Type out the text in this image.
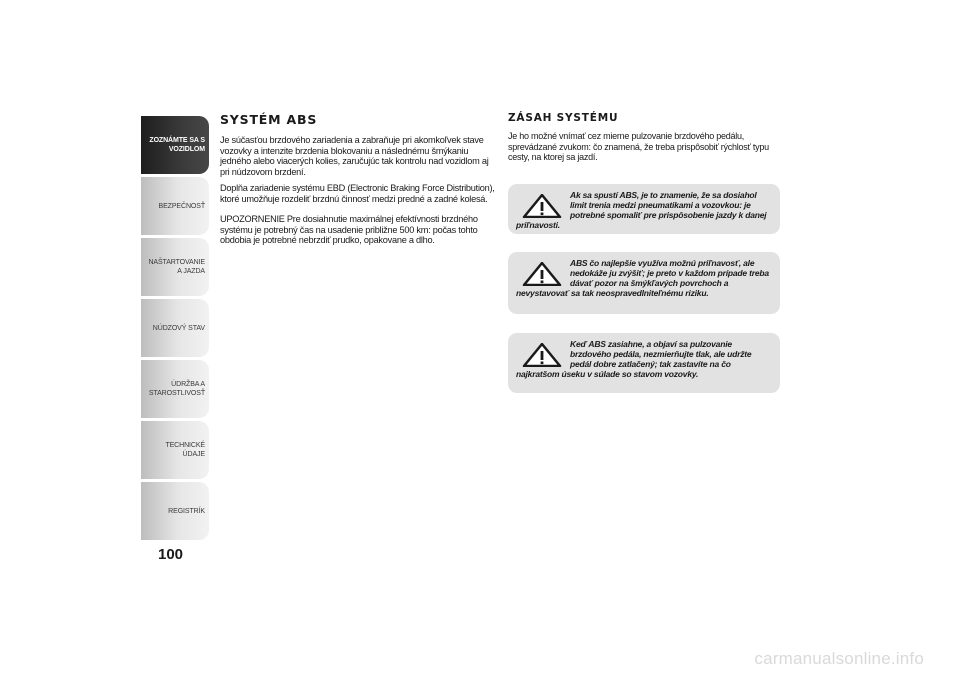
ZOZNÁMTE SA S VOZIDLOM
BEZPEČNOSŤ
NAŠTARTOVANIE A JAZDA
NÚDZOVÝ STAV
ÚDRŽBA A STAROSTLIVOSŤ
TECHNICKÉ ÚDAJE
REGISTRÍK
100
SYSTÉM ABS

Je súčasťou brzdového zariadenia a zabraňuje pri akomkoľvek stave vozovky a intenzite brzdenia blokovaniu a následnému šmýkaniu jedného alebo viacerých kolies, zaručujúc tak kontrolu nad vozidlom aj pri núdzovom brzdení.

Doplňa zariadenie systému EBD (Electronic Braking Force Distribution), ktoré umožňuje rozdeliť brzdnú činnosť medzi predné a zadné kolesá.

UPOZORNENIE Pre dosiahnutie maximálnej efektívnosti brzdného systému je potrebný čas na usadenie približne 500 km: počas tohto obdobia je potrebné nebrzdiť prudko, opakovane a dlho.

ZÁSAH SYSTÉMU

Je ho možné vnímať cez mierne pulzovanie brzdového pedálu, sprevádzané zvukom: čo znamená, že treba prispôsobiť rýchlosť typu cesty, na ktorej sa jazdí.

Ak sa spustí ABS, je to znamenie, že sa dosiahol limit trenia medzi pneumatikami a vozovkou: je potrebné spomaliť pre prispôsobenie jazdy k danej priľnavosti.
ABS čo najlepšie využíva možnú priľnavosť, ale nedokáže ju zvýšiť; je preto v každom prípade treba dávať pozor na šmýkľavých povrchoch a nevystavovať sa tak neospravedlniteľnému riziku.
Keď ABS zasiahne, a objaví sa pulzovanie brzdového pedála, nezmierňujte tlak, ale udržte pedál dobre zatlačený; tak zastavíte na čo najkratšom úseku v súlade so stavom vozovky.
carmanualsonline.info
